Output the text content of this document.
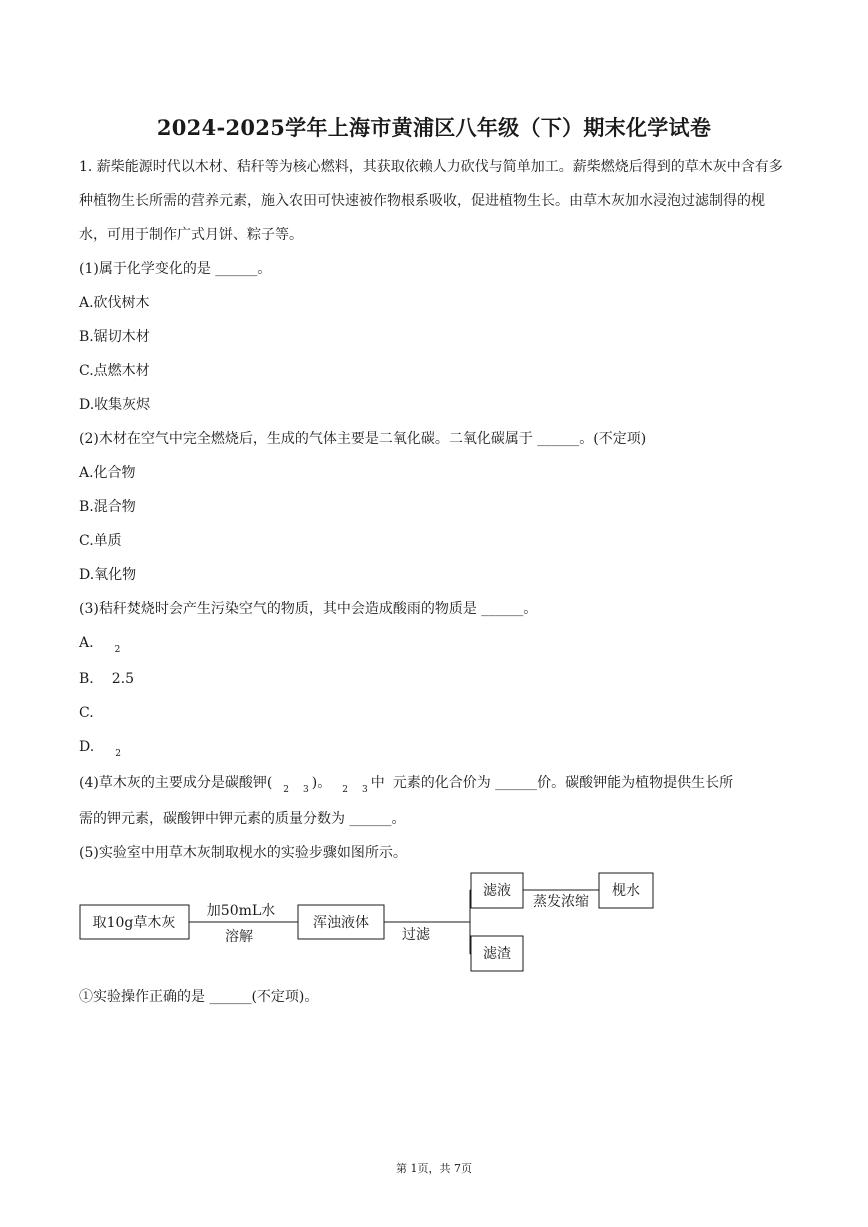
2024-2025学年上海市黄浦区八年级（下）期末化学试卷

1. 薪柴能源时代以木材、秸秆等为核心燃料，其获取依赖人力砍伐与简单加工。薪柴燃烧后得到的草木灰中含有多种植物生长所需的营养元素，施入农田可快速被作物根系吸收，促进植物生长。由草木灰加水浸泡过滤制得的枧水，可用于制作广式月饼、粽子等。

(1)属于化学变化的是 ______。

A.砍伐树木

B.锯切木材

C.点燃木材

D.收集灰烬

(2)木材在空气中完全燃烧后，生成的气体主要是二氧化碳。二氧化碳属于 ______。(不定项)

A.化合物

B.混合物

C.单质

D.氧化物

(3)秸秆焚烧时会产生污染空气的物质，其中会造成酸雨的物质是 ______。

A. $_2$

B. 2.5

C.

D. $_2$

(4)草木灰的主要成分是碳酸钾( $_2$ $_3$ )。 $_2$ $_3$ 中 元素的化合价为 ______价。碳酸钾能为植物提供生长所

需的钾元素，碳酸钾中钾元素的质量分数为 ______。

(5)实验室中用草木灰制取枧水的实验步骤如图所示。

取10g草木灰
加50mL水
溶解
浑浊液体
过滤
滤液
蒸发浓缩
枧水
滤渣

①实验操作正确的是 ______(不定项)。

第 1页，共 7页
